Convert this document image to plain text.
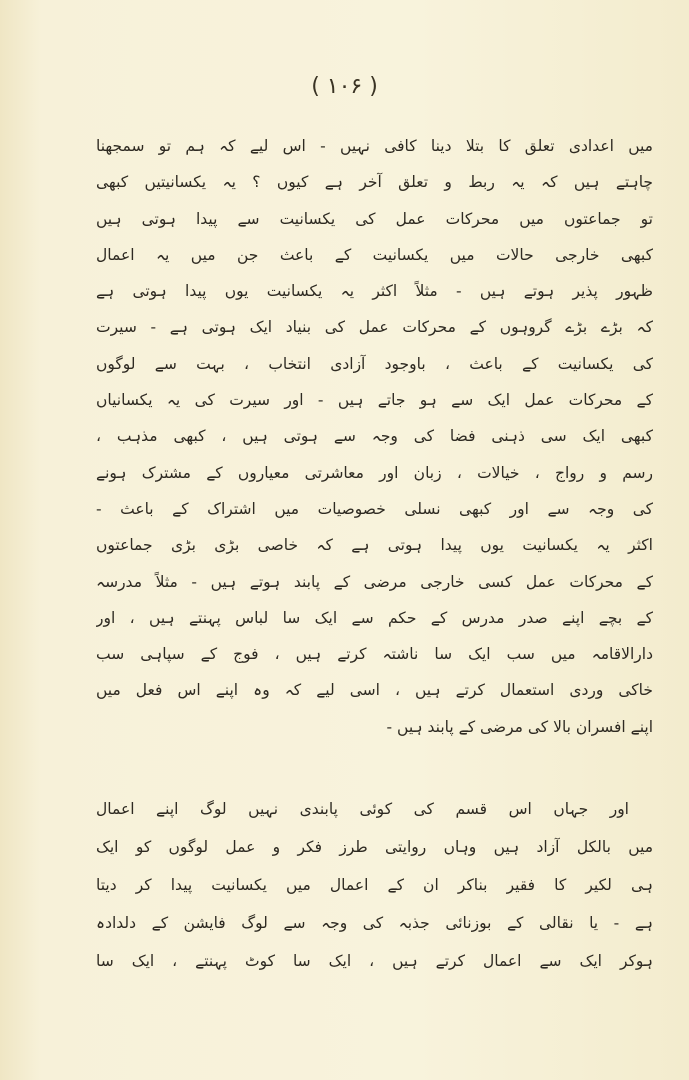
( ۱۰۶ )
میں اعدادی تعلق کا بتلا دینا کافی نہیں - اس لیے کہ ہم تو سمجھنا
چاہتے ہیں کہ یہ ربط و تعلق آخر ہے کیوں ؟ یہ یکسانیتیں کبھی
تو جماعتوں میں محرکات عمل کی یکسانیت سے پیدا ہوتی ہیں
کبھی خارجی حالات میں یکسانیت کے باعث جن میں یہ اعمال
ظہور پذیر ہوتے ہیں - مثلاً اکثر یہ یکسانیت یوں پیدا ہوتی ہے
کہ بڑے بڑے گروہوں کے محرکات عمل کی بنیاد ایک ہوتی ہے - سیرت
کی یکسانیت کے باعث ، باوجود آزادی انتخاب ، بہت سے لوگوں
کے محرکات عمل ایک سے ہو جاتے ہیں - اور سیرت کی یہ یکسانیاں
کبھی ایک سی ذہنی فضا کی وجہ سے ہوتی ہیں ، کبھی مذہب ،
رسم و رواج ، خیالات ، زبان اور معاشرتی معیاروں کے مشترک ہونے
کی وجہ سے اور کبھی نسلی خصوصیات میں اشتراک کے باعث -
اکثر یہ یکسانیت یوں پیدا ہوتی ہے کہ خاصی بڑی بڑی جماعتوں
کے محرکات عمل کسی خارجی مرضی کے پابند ہوتے ہیں - مثلاً مدرسہ
کے بچے اپنے صدر مدرس کے حکم سے ایک سا لباس پہنتے ہیں ، اور
دارالاقامہ میں سب ایک سا ناشتہ کرتے ہیں ، فوج کے سپاہی سب
خاکی وردی استعمال کرتے ہیں ، اسی لیے کہ وہ اپنے اس فعل میں
اپنے افسران بالا کی مرضی کے پابند ہیں -
اور جہاں اس قسم کی کوئی پابندی نہیں لوگ اپنے اعمال
میں بالکل آزاد ہیں وہاں روایتی طرز فکر و عمل لوگوں کو ایک
ہی لکیر کا فقیر بناکر ان کے اعمال میں یکسانیت پیدا کر دیتا
ہے - یا نقالی کے بوزنائی جذبہ کی وجہ سے لوگ فایشن کے دلدادہ
ہوکر ایک سے اعمال کرتے ہیں ، ایک سا کوٹ پہنتے ، ایک سا
